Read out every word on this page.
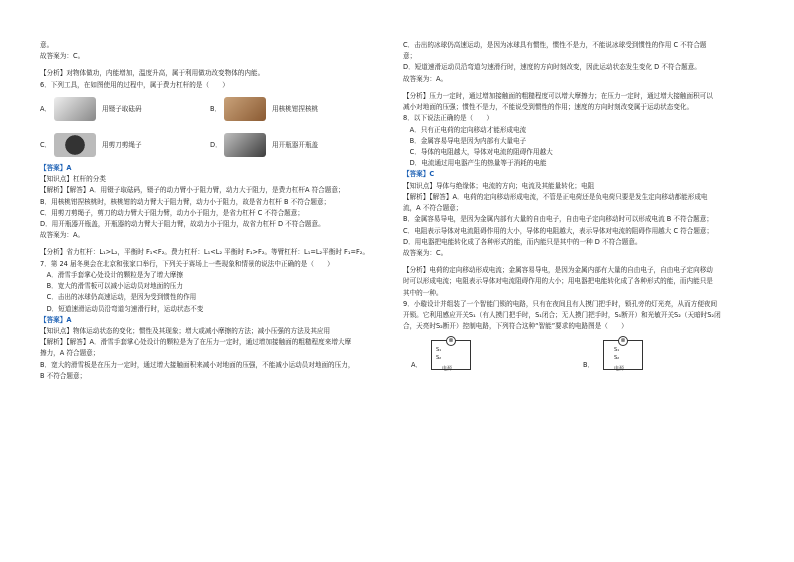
意。

故答案为：C。

【分析】对物体做功，内能增加，温度升高，属于利用做功改变物体的内能。

6．下列工具，在如图使用的过程中，属于费力杠杆的是（　　）

A．	用镊子取砝码	B．	用核桃钳捏核桃
C．	用剪刀剪绳子	D．	用开瓶器开瓶盖

【答案】A

【知识点】杠杆的分类

【解析】【解答】A．用镊子取砝码，镊子的动力臂小于阻力臂，动力大于阻力，是费力杠杆A 符合题意；

B．用核桃钳捏核桃时，核桃钳的动力臂大于阻力臂，动力小于阻力，故是省力杠杆 B 不符合题意；

C．用剪刀剪绳子，剪刀的动力臂大于阻力臂，动力小于阻力，是省力杠杆 C 不符合题意；

D．用开瓶器开瓶盖，开瓶器的动力臂大于阻力臂，故动力小于阻力，故省力杠杆 D 不符合题意。

故答案为：A。

【分析】省力杠杆：L₁>L₂，平衡时 F₁<F₂。费力杠杆：L₁<L₂ 平衡时 F₁>F₂。等臂杠杆：L₁=L₂平衡时 F₁=F₂。

7．第 24 届冬奥会在北京和张家口举行，下列关于赛场上一些现象和情景的说法中正确的是（　　）

　A．滑雪手套掌心处设计的颗粒是为了增大摩擦

　B．宽大的滑雪板可以减小运动员对地面的压力

　C．击出的冰球仍高速运动，是因为受到惯性的作用

　D．短道速滑运动员沿弯道匀速滑行时，运动状态不变

【答案】A

【知识点】物体运动状态的变化；惯性及其现象；增大或减小摩擦的方法；减小压强的方法及其应用

【解析】【解答】A．滑雪手套掌心处设计的颗粒是为了在压力一定时，通过增加接触面的粗糙程度来增大摩

擦力，A 符合题意；

B．宽大的滑雪板是在压力一定时，通过增大接触面积来减小对地面的压强，不能减小运动员对地面的压力，

B 不符合题意；

C．击出的冰球仍高速运动，是因为冰球具有惯性，惯性不是力，不能说冰球受到惯性的作用 C 不符合题

意；

D．短道速滑运动员沿弯道匀速滑行时，速度的方向时刻改变，因此运动状态发生变化 D 不符合题意。

故答案为：A。

【分析】压力一定时，通过增加接触面的粗糙程度可以增大摩擦力；在压力一定时，通过增大接触面积可以

减小对地面的压强；惯性不是力，不能说受到惯性的作用；速度的方向时刻改变属于运动状态变化。

8．以下说法正确的是（　　）

　A．只有正电荷的定向移动才能形成电流

　B．金属容易导电是因为内部有大量电子

　C．导体的电阻越大，导体对电流的阻碍作用越大

　D．电流通过用电器产生的热量等于消耗的电能

【答案】C

【知识点】导体与绝缘体；电流的方向；电流及其能量转化；电阻

【解析】【解答】A．电荷的定向移动形成电流，不管是正电荷还是负电荷只要是发生定向移动都能形成电

流，A 不符合题意；

B．金属容易导电，是因为金属内部有大量的自由电子，自由电子定向移动时可以形成电流 B 不符合题意；

C．电阻表示导体对电流阻碍作用的大小，导体的电阻越大，表示导体对电流的阻碍作用越大 C 符合题意；

D．用电器把电能转化成了各种形式的能，而内能只是其中的一种 D 不符合题意。

故答案为：C。

【分析】电荷的定向移动形成电流；金属容易导电，是因为金属内部有大量的自由电子，自由电子定向移动

时可以形成电流；电阻表示导体对电流阻碍作用的大小；用电器把电能转化成了各种形式的能，而内能只是

其中的一种。

9．小璇设计并组装了一个智能门锁的电路，只有在夜间且有人摸门把手时，锁孔旁的灯光亮，从而方便夜间

开锁。它利用感应开关S₁（有人摸门把手时，S₁闭合；无人摸门把手时，S₁断开）和光敏开关S₂（天暗时S₂闭

合，天亮时S₂断开）控制电路，下列符合这种“智能”要求的电路图是（　　）

A．
⊗
S₁
S₂
电源	B．
⊗
S₁
S₂
电源
